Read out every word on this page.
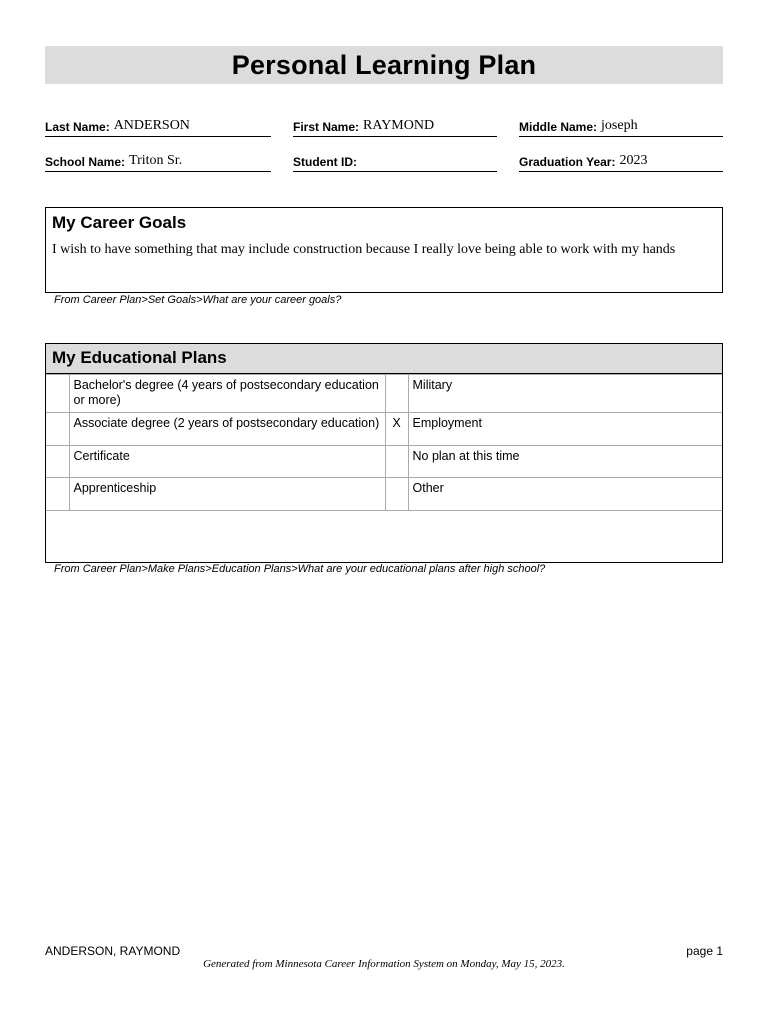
Personal Learning Plan
Last Name: ANDERSON	First Name: RAYMOND	Middle Name: joseph
School Name: Triton Sr.	Student ID:	Graduation Year: 2023
My Career Goals
I wish to have something that may include construction because I really love being able to work with my hands
From Career Plan>Set Goals>What are your career goals?
My Educational Plans
	Bachelor's degree (4 years of postsecondary education or more)		Military
	Associate degree (2 years of postsecondary education)	X	Employment
	Certificate		No plan at this time
	Apprenticeship		Other
From Career Plan>Make Plans>Education Plans>What are your educational plans after high school?
ANDERSON, RAYMOND	page 1
Generated from Minnesota Career Information System on Monday, May 15, 2023.
